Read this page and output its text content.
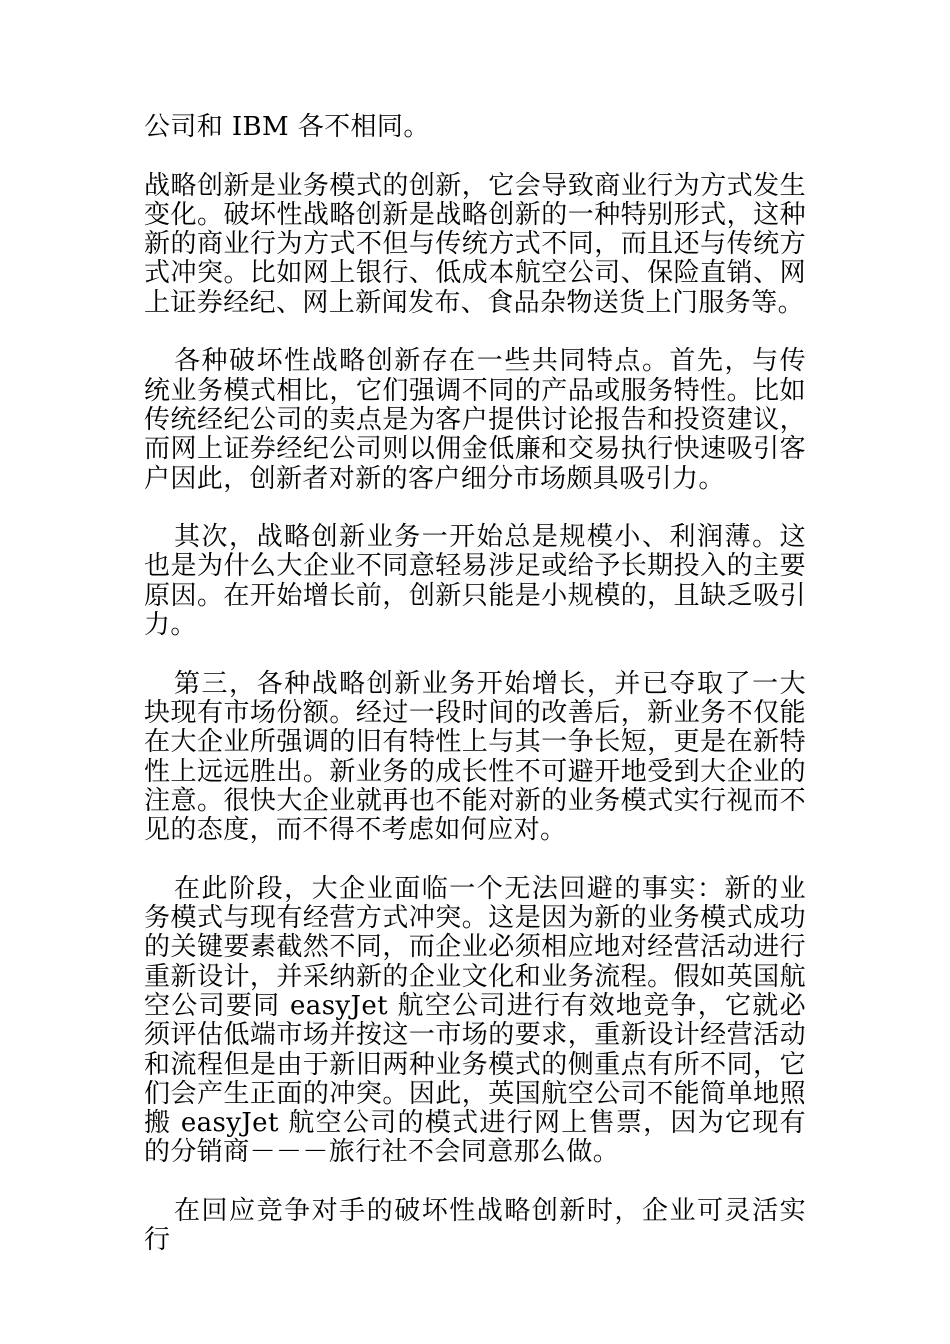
公司和 IBM 各不相同。

战略创新是业务模式的创新，它会导致商业行为方式发生变化。破坏性战略创新是战略创新的一种特别形式，这种新的商业行为方式不但与传统方式不同，而且还与传统方式冲突。比如网上银行、低成本航空公司、保险直销、网上证券经纪、网上新闻发布、食品杂物送货上门服务等。

各种破坏性战略创新存在一些共同特点。首先，与传统业务模式相比，它们强调不同的产品或服务特性。比如传统经纪公司的卖点是为客户提供讨论报告和投资建议，而网上证券经纪公司则以佣金低廉和交易执行快速吸引客户因此，创新者对新的客户细分市场颇具吸引力。

其次，战略创新业务一开始总是规模小、利润薄。这也是为什么大企业不同意轻易涉足或给予长期投入的主要原因。在开始增长前，创新只能是小规模的，且缺乏吸引力。

第三，各种战略创新业务开始增长，并已夺取了一大块现有市场份额。经过一段时间的改善后，新业务不仅能在大企业所强调的旧有特性上与其一争长短，更是在新特性上远远胜出。新业务的成长性不可避开地受到大企业的注意。很快大企业就再也不能对新的业务模式实行视而不见的态度，而不得不考虑如何应对。

在此阶段，大企业面临一个无法回避的事实：新的业务模式与现有经营方式冲突。这是因为新的业务模式成功的关键要素截然不同，而企业必须相应地对经营活动进行重新设计，并采纳新的企业文化和业务流程。假如英国航空公司要同 easyJet 航空公司进行有效地竞争，它就必须评估低端市场并按这一市场的要求，重新设计经营活动和流程但是由于新旧两种业务模式的侧重点有所不同，它们会产生正面的冲突。因此，英国航空公司不能简单地照搬 easyJet 航空公司的模式进行网上售票，因为它现有的分销商－－－旅行社不会同意那么做。

在回应竞争对手的破坏性战略创新时，企业可灵活实行
